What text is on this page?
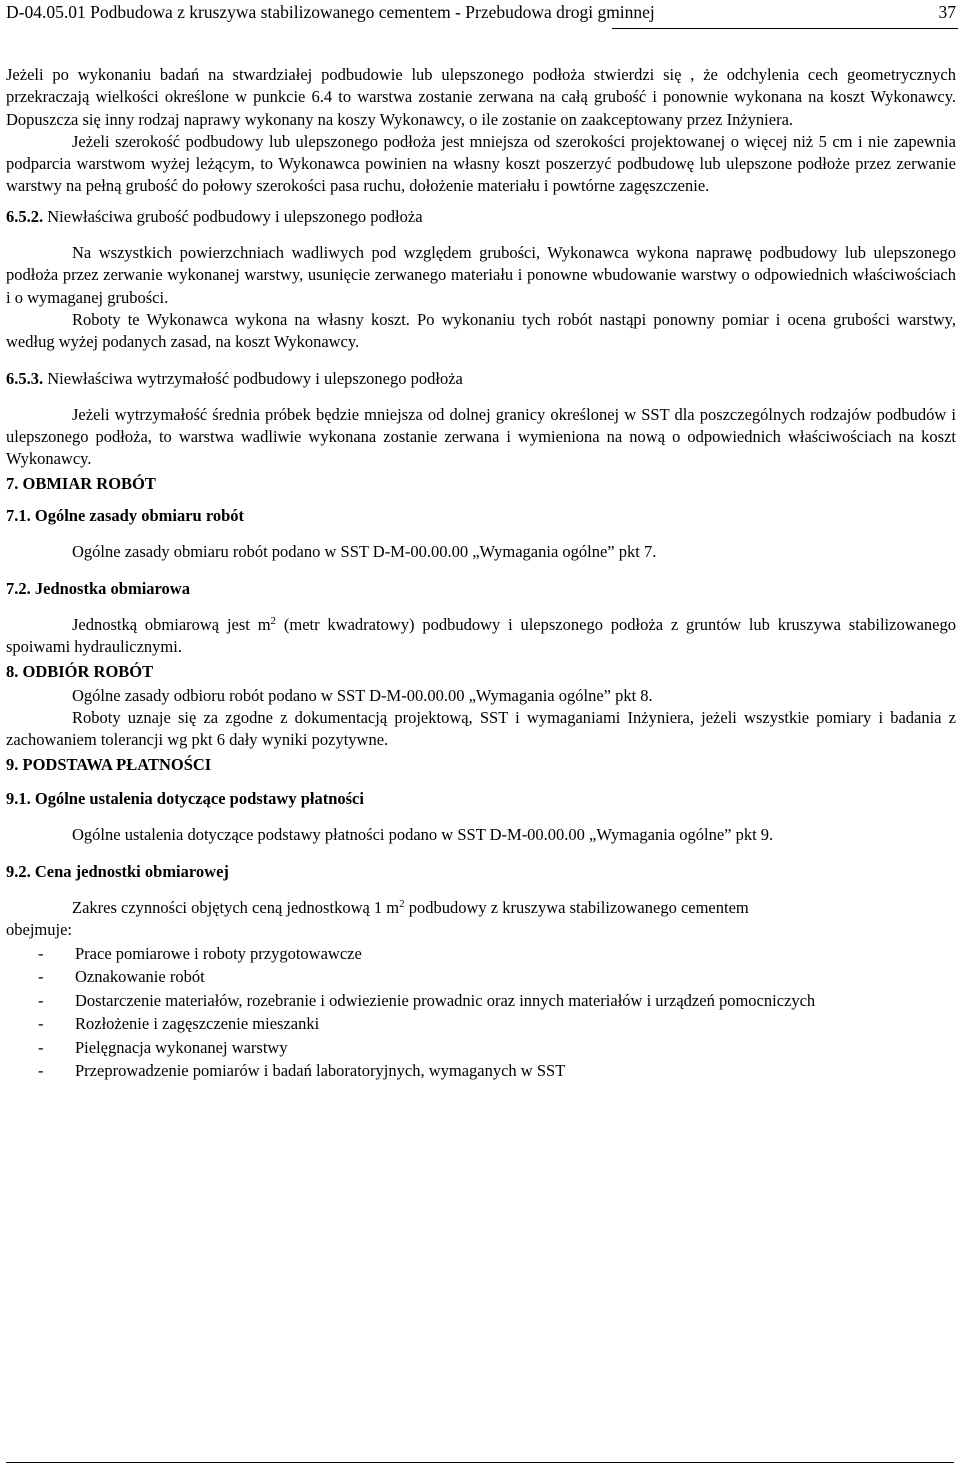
D-04.05.01 Podbudowa z kruszywa stabilizowanego cementem - Przebudowa drogi gminnej	37

Jeżeli po wykonaniu badań na stwardziałej podbudowie lub ulepszonego podłoża stwierdzi się , że odchylenia cech geometrycznych przekraczają wielkości określone w punkcie 6.4 to warstwa zostanie zerwana na całą grubość i ponownie wykonana na koszt Wykonawcy. Dopuszcza się inny rodzaj naprawy wykonany na koszy Wykonawcy, o ile zostanie on zaakceptowany przez Inżyniera.

Jeżeli szerokość podbudowy lub ulepszonego podłoża jest mniejsza od szerokości projektowanej o więcej niż 5 cm i nie zapewnia podparcia warstwom wyżej leżącym, to Wykonawca powinien na własny koszt poszerzyć podbudowę lub ulepszone podłoże przez zerwanie warstwy na pełną grubość do połowy szerokości pasa ruchu, dołożenie materiału i powtórne zagęszczenie.

6.5.2. Niewłaściwa grubość podbudowy i ulepszonego podłoża

Na wszystkich powierzchniach wadliwych pod względem grubości, Wykonawca wykona naprawę podbudowy lub ulepszonego podłoża przez zerwanie wykonanej warstwy, usunięcie zerwanego materiału i ponowne wbudowanie warstwy o odpowiednich właściwościach i o wymaganej grubości.

Roboty te Wykonawca wykona na własny koszt. Po wykonaniu tych robót nastąpi ponowny pomiar i ocena grubości warstwy, według wyżej podanych zasad, na koszt Wykonawcy.

6.5.3. Niewłaściwa wytrzymałość podbudowy i ulepszonego podłoża

Jeżeli wytrzymałość średnia próbek będzie mniejsza od dolnej granicy określonej w SST dla poszczególnych rodzajów podbudów i ulepszonego podłoża, to warstwa wadliwie wykonana zostanie zerwana i wymieniona na nową o odpowiednich właściwościach na koszt Wykonawcy.

7. OBMIAR ROBÓT
7.1. Ogólne zasady obmiaru robót

Ogólne zasady obmiaru robót podano w SST D-M-00.00.00 „Wymagania ogólne” pkt 7.

7.2. Jednostka obmiarowa

Jednostką obmiarową jest $m^2$ (metr kwadratowy) podbudowy i ulepszonego podłoża z gruntów lub kruszywa stabilizowanego spoiwami hydraulicznymi.

8. ODBIÓR ROBÓT

Ogólne zasady odbioru robót podano w SST D-M-00.00.00 „Wymagania ogólne” pkt 8.

Roboty uznaje się za zgodne z dokumentacją projektową, SST i wymaganiami Inżyniera, jeżeli wszystkie pomiary i badania z zachowaniem tolerancji wg pkt 6 dały wyniki pozytywne.

9. PODSTAWA PŁATNOŚCI
9.1. Ogólne ustalenia dotyczące podstawy płatności

Ogólne ustalenia dotyczące podstawy płatności podano w SST D-M-00.00.00 „Wymagania ogólne” pkt 9.

9.2. Cena jednostki obmiarowej

Zakres czynności objętych ceną jednostkową 1 $m^2$ podbudowy z kruszywa stabilizowanego cementem

obejmuje:

- Prace pomiarowe i roboty przygotowawcze
- Oznakowanie robót
- Dostarczenie materiałów, rozebranie i odwiezienie prowadnic oraz innych materiałów i urządzeń pomocniczych
- Rozłożenie i zagęszczenie mieszanki
- Pielęgnacja wykonanej warstwy
- Przeprowadzenie pomiarów i badań laboratoryjnych, wymaganych w SST
